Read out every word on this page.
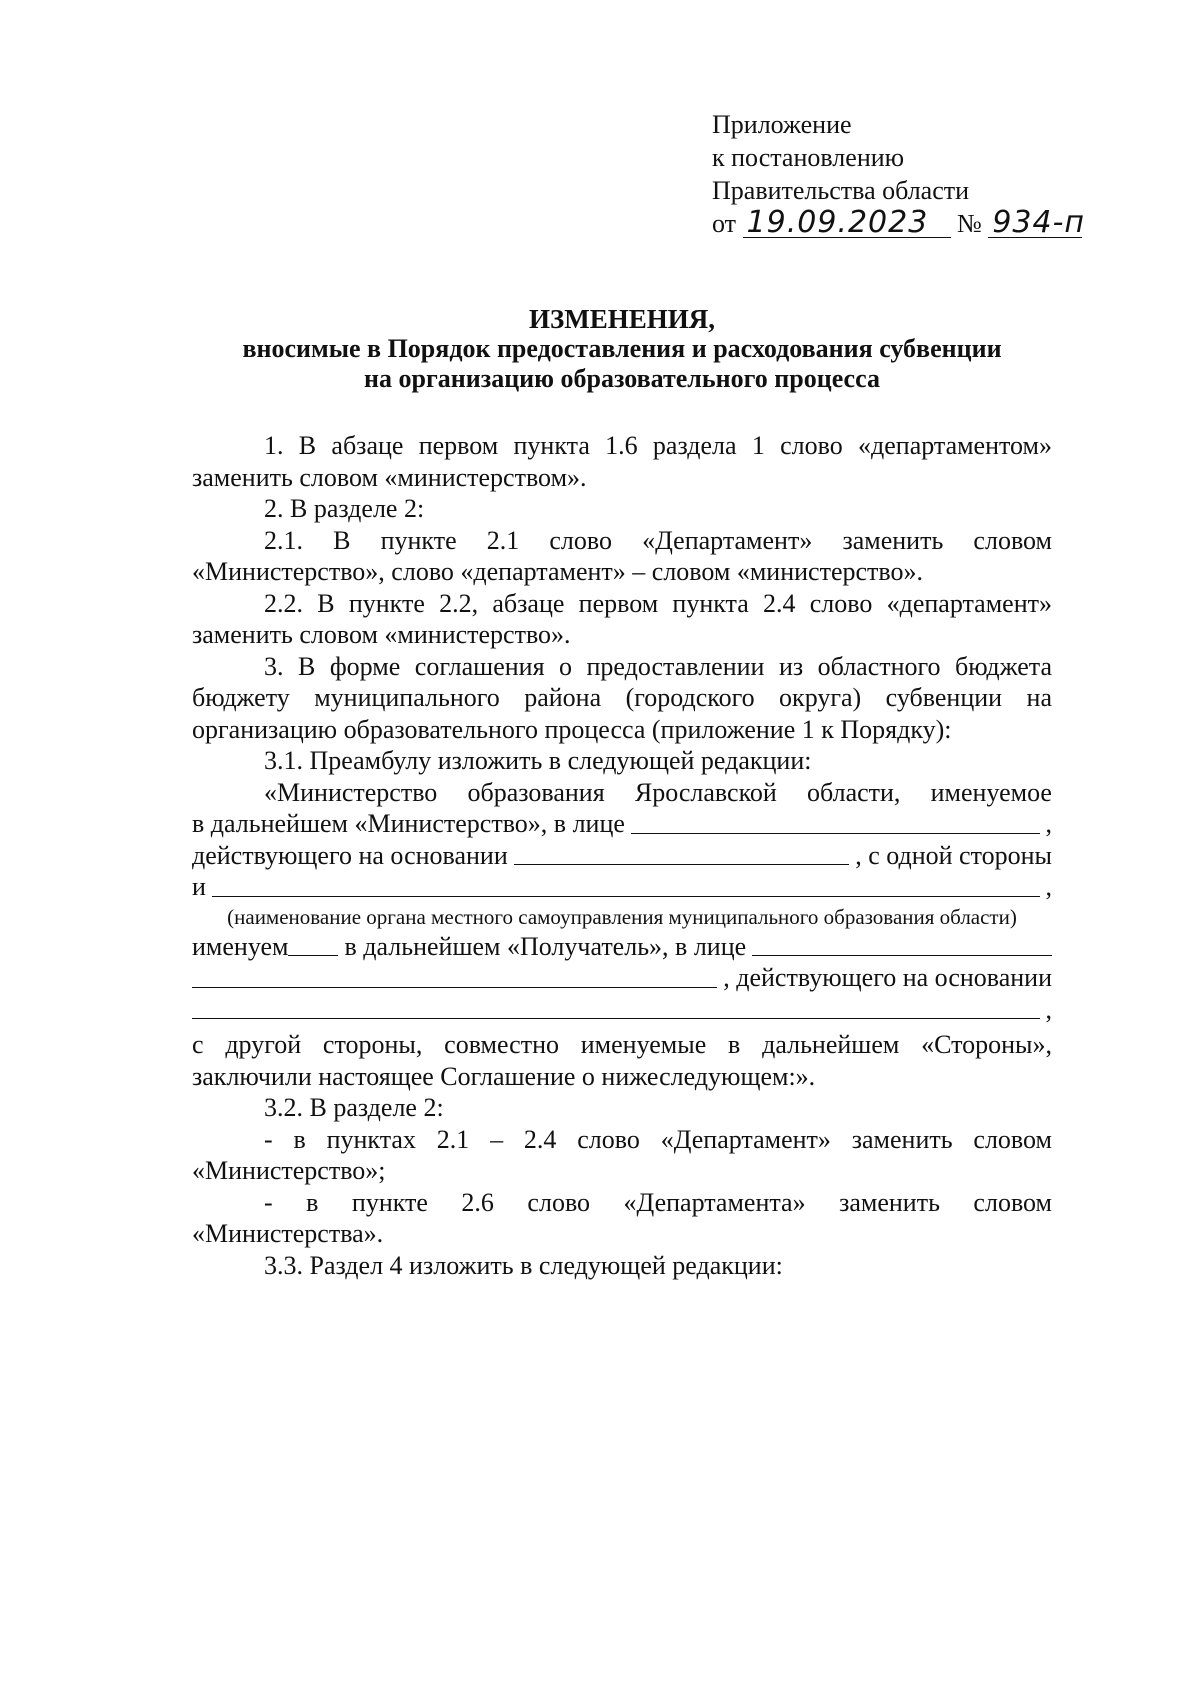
Приложение
к постановлению
Правительства области
от 19.09.2023 № 934-п
ИЗМЕНЕНИЯ,
вносимые в Порядок предоставления и расходования субвенции
на организацию образовательного процесса

1. В абзаце первом пункта 1.6 раздела 1 слово «департаментом» заменить словом «министерством».

2. В разделе 2:

2.1. В пункте 2.1 слово «Департамент» заменить словом «Министерство», слово «департамент» – словом «министерство».

2.2. В пункте 2.2, абзаце первом пункта 2.4 слово «департамент» заменить словом «министерство».

3. В форме соглашения о предоставлении из областного бюджета бюджету муниципального района (городского округа) субвенции на организацию образовательного процесса (приложение 1 к Порядку):

3.1. Преамбулу изложить в следующей редакции:

«Министерство образования Ярославской области, именуемое
в дальнейшем «Министерство», в лице	,
действующего на основании	, с одной стороны
и	,
(наименование органа местного самоуправления муниципального образования области)
именуем в дальнейшем «Получатель», в лице
, действующего на основании
,

с другой стороны, совместно именуемые в дальнейшем «Стороны», заключили настоящее Соглашение о нижеследующем:».

3.2. В разделе 2:

- в пунктах 2.1 – 2.4 слово «Департамент» заменить словом «Министерство»;

- в пункте 2.6 слово «Департамента» заменить словом «Министерства».

3.3. Раздел 4 изложить в следующей редакции:
